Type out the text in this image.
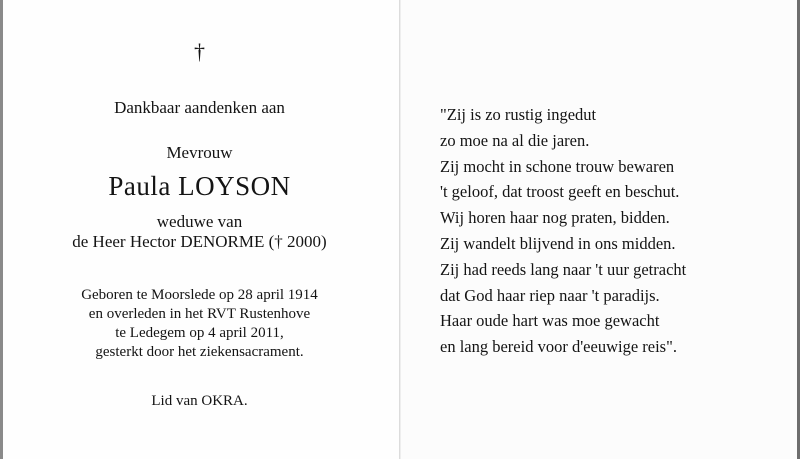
†
Dankbaar aandenken aan
Mevrouw
Paula LOYSON
weduwe van
de Heer Hector DENORME († 2000)
Geboren te Moorslede op 28 april 1914
en overleden in het RVT Rustenhove
te Ledegem op 4 april 2011,
gesterkt door het ziekensacrament.
Lid van OKRA.
"Zij is zo rustig ingedut
zo moe na al die jaren.
Zij mocht in schone trouw bewaren
't geloof, dat troost geeft en beschut.
Wij horen haar nog praten, bidden.
Zij wandelt blijvend in ons midden.
Zij had reeds lang naar 't uur getracht
dat God haar riep naar 't paradijs.
Haar oude hart was moe gewacht
en lang bereid voor d'eeuwige reis".
